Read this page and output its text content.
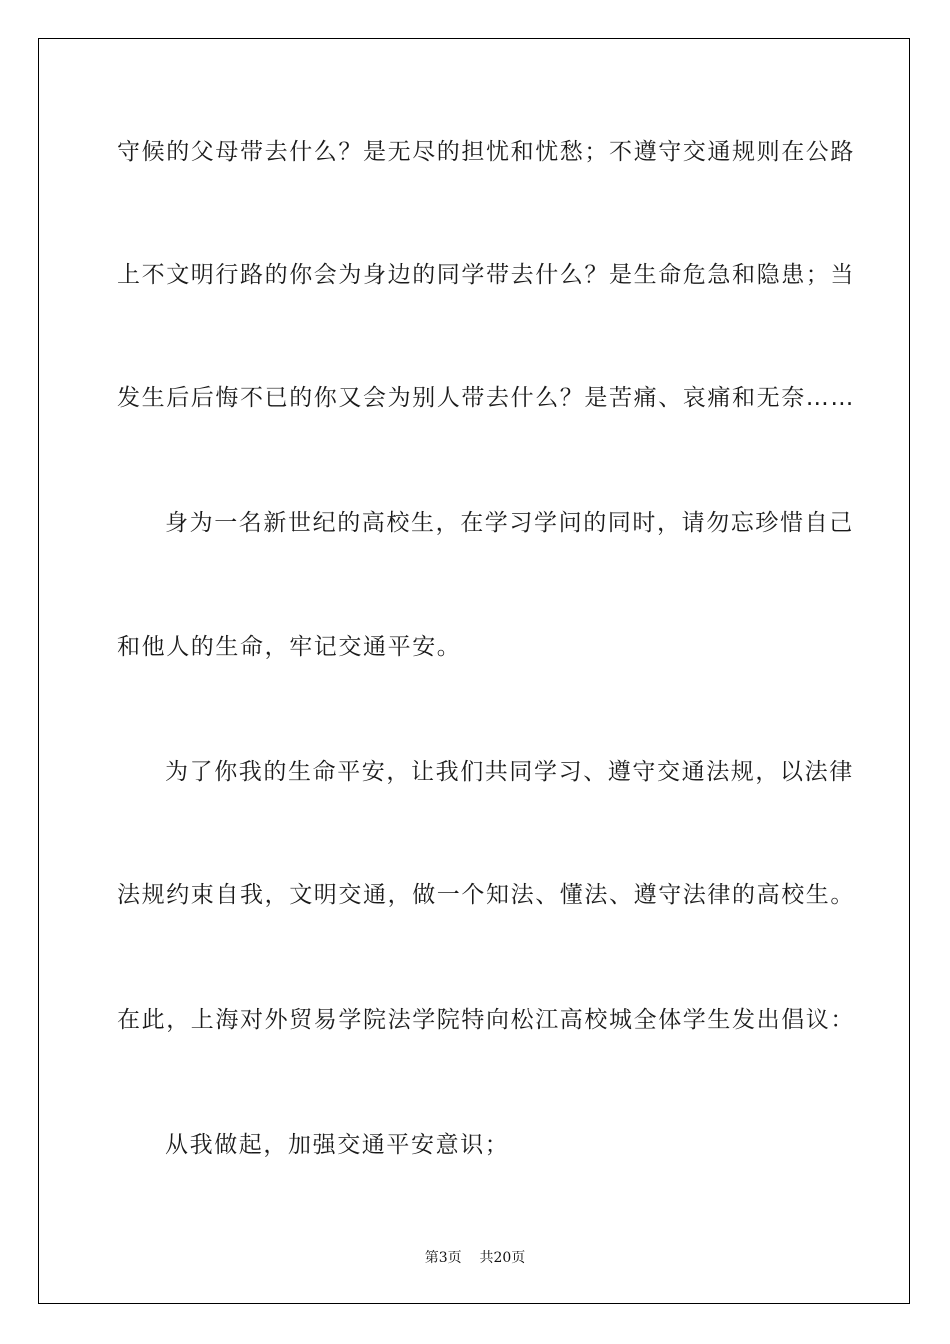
守候的父母带去什么？是无尽的担忧和忧愁；不遵守交通规则在公路
上不文明行路的你会为身边的同学带去什么？是生命危急和隐患；当
发生后后悔不已的你又会为别人带去什么？是苦痛、哀痛和无奈……
身为一名新世纪的高校生，在学习学问的同时，请勿忘珍惜自己
和他人的生命，牢记交通平安。
为了你我的生命平安，让我们共同学习、遵守交通法规，以法律
法规约束自我，文明交通，做一个知法、懂法、遵守法律的高校生。
在此，上海对外贸易学院法学院特向松江高校城全体学生发出倡议：
从我做起，加强交通平安意识；
第3页 共20页
